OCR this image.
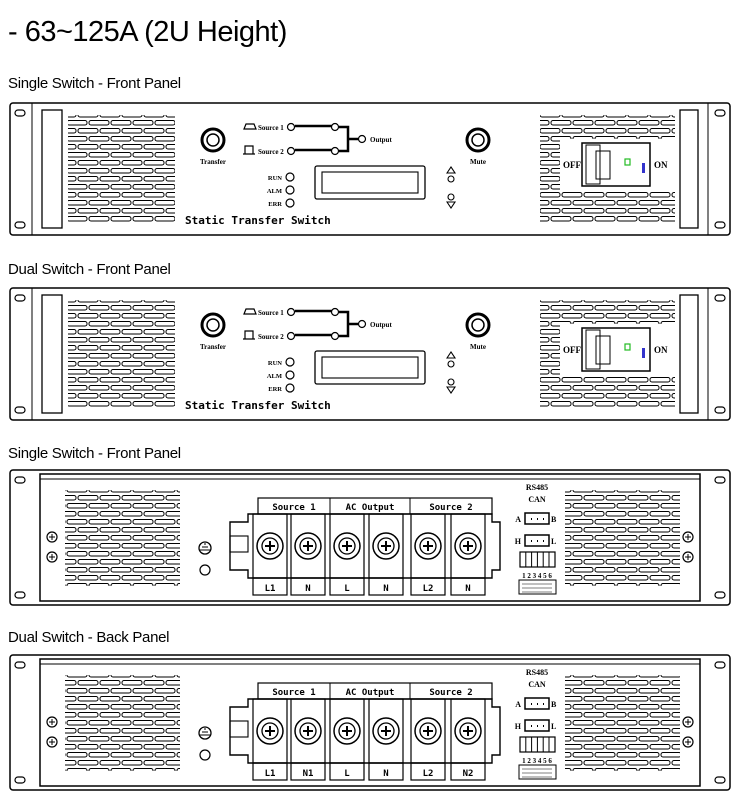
- 63~125A (2U Height)
Single Switch - Front Panel
Dual Switch - Front Panel
Single Switch - Front Panel
Dual Switch - Back Panel
Transfer
Source 1
Source 2
Output
RUN
ALM
ERR
Static Transfer Switch
Mute	OFF	ON
Transfer
Source 1
Source 2
Output
RUN
ALM
ERR
Static Transfer Switch
Mute	OFF	ON
Source 1	AC Output	Source 2
L1	N	L	N	L2	N
RS485
CAN
A	B
H	L
1 2 3 4 5 6
Source 1	AC Output	Source 2
L1	N1	L	N	L2	N2
RS485
CAN
A	B
H	L
1 2 3 4 5 6
